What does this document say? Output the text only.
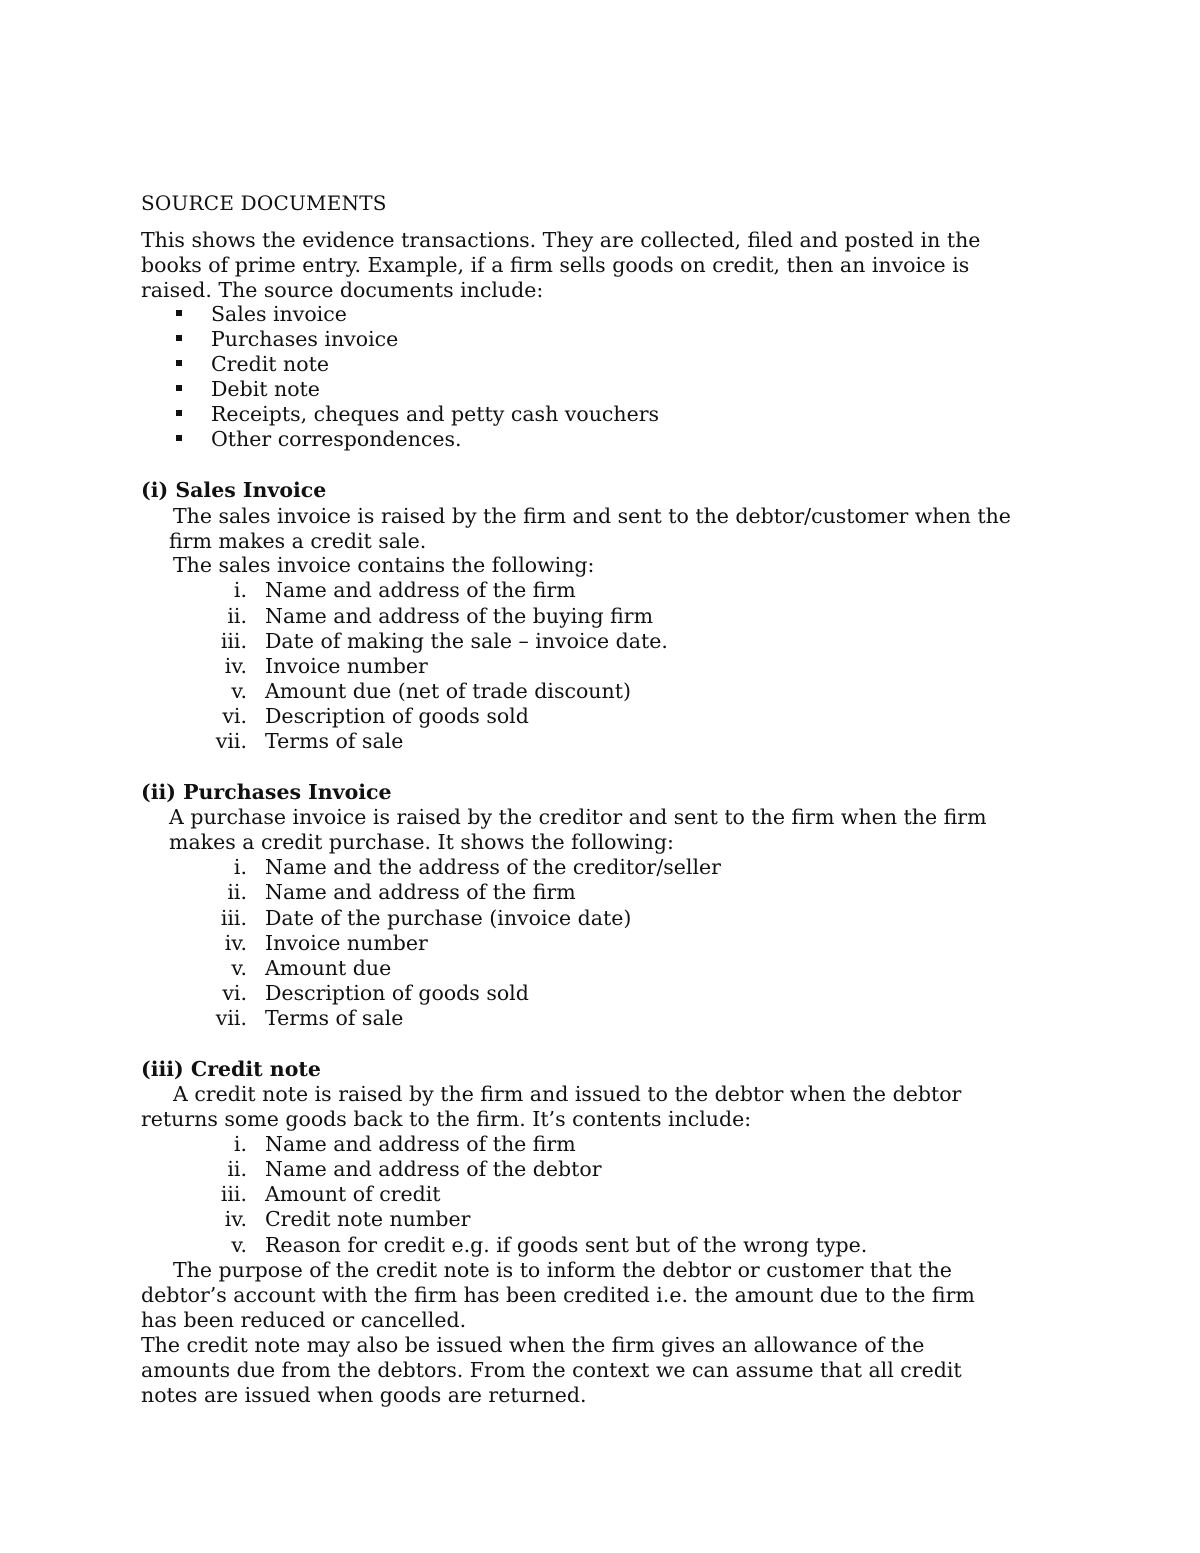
SOURCE DOCUMENTS
This shows the evidence transactions. They are collected, filed and posted in the
books of prime entry. Example, if a firm sells goods on credit, then an invoice is
raised. The source documents include:
Sales invoice
Purchases invoice
Credit note
Debit note
Receipts, cheques and petty cash vouchers
Other correspondences.
(i) Sales Invoice
The sales invoice is raised by the firm and sent to the debtor/customer when the
firm makes a credit sale.
The sales invoice contains the following:
i. Name and address of the firm
ii. Name and address of the buying firm
iii. Date of making the sale – invoice date.
iv. Invoice number
v. Amount due (net of trade discount)
vi. Description of goods sold
vii. Terms of sale
(ii) Purchases Invoice
A purchase invoice is raised by the creditor and sent to the firm when the firm
makes a credit purchase. It shows the following:
i. Name and the address of the creditor/seller
ii. Name and address of the firm
iii. Date of the purchase (invoice date)
iv. Invoice number
v. Amount due
vi. Description of goods sold
vii. Terms of sale
(iii) Credit note
A credit note is raised by the firm and issued to the debtor when the debtor
returns some goods back to the firm. It’s contents include:
i. Name and address of the firm
ii. Name and address of the debtor
iii. Amount of credit
iv. Credit note number
v. Reason for credit e.g. if goods sent but of the wrong type.
The purpose of the credit note is to inform the debtor or customer that the
debtor’s account with the firm has been credited i.e. the amount due to the firm
has been reduced or cancelled.
The credit note may also be issued when the firm gives an allowance of the
amounts due from the debtors. From the context we can assume that all credit
notes are issued when goods are returned.
